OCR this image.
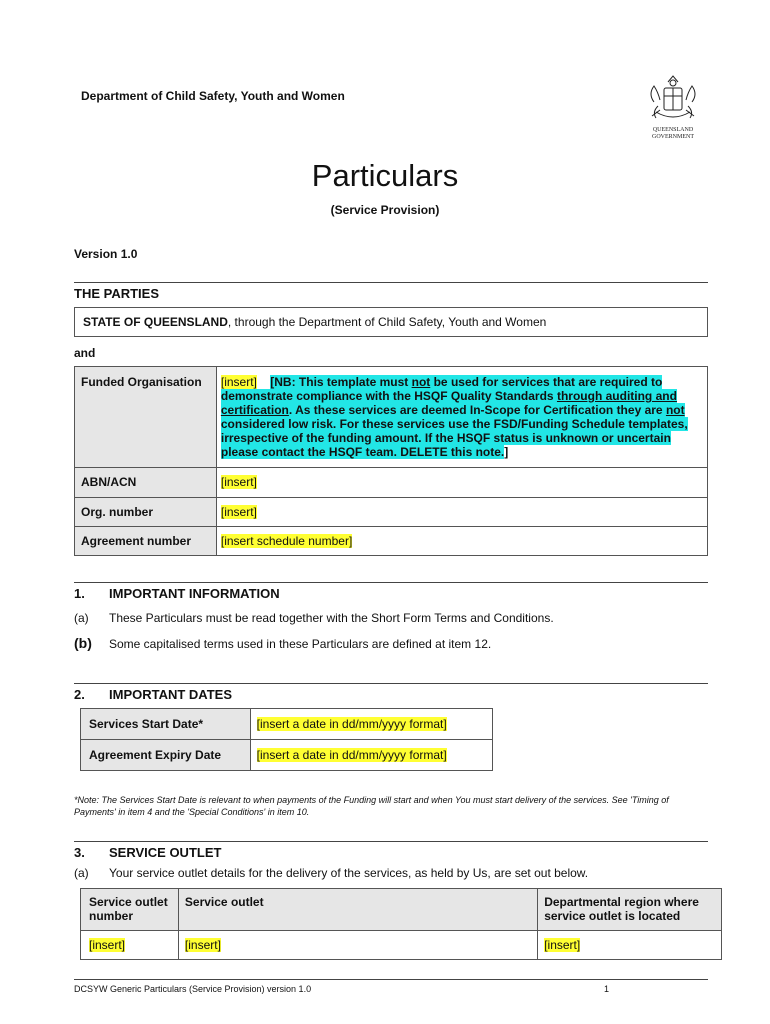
Department of Child Safety, Youth and Women
QUEENSLAND
GOVERNMENT
Particulars
(Service Provision)
Version 1.0
THE PARTIES
STATE OF QUEENSLAND, through the Department of Child Safety, Youth and Women
and
Funded Organisation	[insert] [NB: This template must not be used for services that are required to demonstrate compliance with the HSQF Quality Standards through auditing and certification. As these services are deemed In-Scope for Certification they are not considered low risk. For these services use the FSD/Funding Schedule templates, irrespective of the funding amount. If the HSQF status is unknown or uncertain please contact the HSQF team. DELETE this note.]
ABN/ACN	[insert]
Org. number	[insert]
Agreement number	[insert schedule number]
1. IMPORTANT INFORMATION
(a) These Particulars must be read together with the Short Form Terms and Conditions.
(b) Some capitalised terms used in these Particulars are defined at item 12.
2. IMPORTANT DATES
Services Start Date*	[insert a date in dd/mm/yyyy format]
Agreement Expiry Date	[insert a date in dd/mm/yyyy format]
*Note: The Services Start Date is relevant to when payments of the Funding will start and when You must start delivery of the services. See 'Timing of Payments' in item 4 and the 'Special Conditions' in item 10.
3. SERVICE OUTLET
(a) Your service outlet details for the delivery of the services, as held by Us, are set out below.
Service outlet number	Service outlet	Departmental region where service outlet is located
[insert]	[insert]	[insert]
DCSYW Generic Particulars (Service Provision) version 1.0	1
